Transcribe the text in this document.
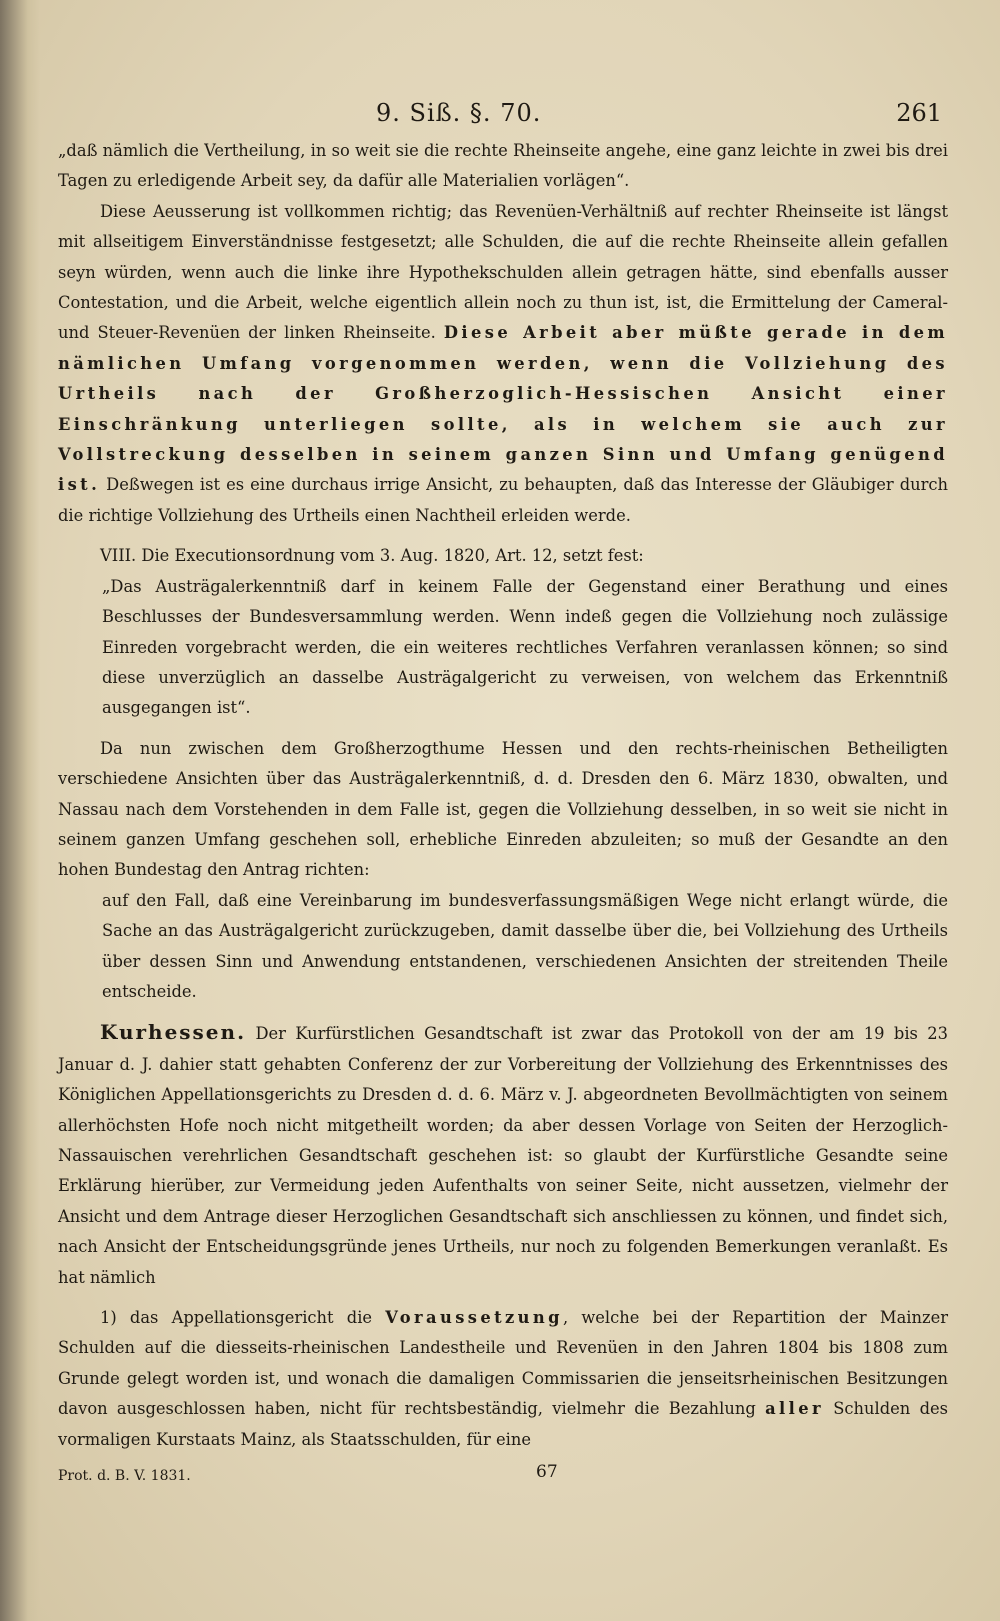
9. Siß. §. 70.	261

„daß nämlich die Vertheilung, in so weit sie die rechte Rheinseite angehe, eine ganz leichte in zwei bis drei Tagen zu erledigende Arbeit sey, da dafür alle Materialien vorlägen“.

Diese Aeusserung ist vollkommen richtig; das Revenüen-Verhältniß auf rechter Rheinseite ist längst mit allseitigem Einverständnisse festgesetzt; alle Schulden, die auf die rechte Rheinseite allein gefallen seyn würden, wenn auch die linke ihre Hypothekschulden allein getragen hätte, sind ebenfalls ausser Contestation, und die Arbeit, welche eigentlich allein noch zu thun ist, ist, die Ermittelung der Cameral- und Steuer-Revenüen der linken Rheinseite. Diese Arbeit aber müßte gerade in dem nämlichen Umfang vorgenommen werden, wenn die Vollziehung des Urtheils nach der Großherzoglich-Hessischen Ansicht einer Einschränkung unterliegen sollte, als in welchem sie auch zur Vollstreckung desselben in seinem ganzen Sinn und Umfang genügend ist. Deßwegen ist es eine durchaus irrige Ansicht, zu behaupten, daß das Interesse der Gläubiger durch die richtige Vollziehung des Urtheils einen Nachtheil erleiden werde.

VIII. Die Executionsordnung vom 3. Aug. 1820, Art. 12, setzt fest:

„Das Austrägalerkenntniß darf in keinem Falle der Gegenstand einer Berathung und eines Beschlusses der Bundesversammlung werden. Wenn indeß gegen die Vollziehung noch zulässige Einreden vorgebracht werden, die ein weiteres rechtliches Verfahren veranlassen können; so sind diese unverzüglich an dasselbe Austrägalgericht zu verweisen, von welchem das Erkenntniß ausgegangen ist“.

Da nun zwischen dem Großherzogthume Hessen und den rechts-rheinischen Betheiligten verschiedene Ansichten über das Austrägalerkenntniß, d. d. Dresden den 6. März 1830, obwalten, und Nassau nach dem Vorstehenden in dem Falle ist, gegen die Vollziehung desselben, in so weit sie nicht in seinem ganzen Umfang geschehen soll, erhebliche Einreden abzuleiten; so muß der Gesandte an den hohen Bundestag den Antrag richten:

auf den Fall, daß eine Vereinbarung im bundesverfassungsmäßigen Wege nicht erlangt würde, die Sache an das Austrägalgericht zurückzugeben, damit dasselbe über die, bei Vollziehung des Urtheils über dessen Sinn und Anwendung entstandenen, verschiedenen Ansichten der streitenden Theile entscheide.

Kurhessen. Der Kurfürstlichen Gesandtschaft ist zwar das Protokoll von der am 19 bis 23 Januar d. J. dahier statt gehabten Conferenz der zur Vorbereitung der Vollziehung des Erkenntnisses des Königlichen Appellationsgerichts zu Dresden d. d. 6. März v. J. abgeordneten Bevollmächtigten von seinem allerhöchsten Hofe noch nicht mitgetheilt worden; da aber dessen Vorlage von Seiten der Herzoglich-Nassauischen verehrlichen Gesandtschaft geschehen ist: so glaubt der Kurfürstliche Gesandte seine Erklärung hierüber, zur Vermeidung jeden Aufenthalts von seiner Seite, nicht aussetzen, vielmehr der Ansicht und dem Antrage dieser Herzoglichen Gesandtschaft sich anschliessen zu können, und findet sich, nach Ansicht der Entscheidungsgründe jenes Urtheils, nur noch zu folgenden Bemerkungen veranlaßt. Es hat nämlich

1) das Appellationsgericht die Voraussetzung, welche bei der Repartition der Mainzer Schulden auf die diesseits-rheinischen Landestheile und Revenüen in den Jahren 1804 bis 1808 zum Grunde gelegt worden ist, und wonach die damaligen Commissarien die jenseitsrheinischen Besitzungen davon ausgeschlossen haben, nicht für rechtsbeständig, vielmehr die Bezahlung aller Schulden des vormaligen Kurstaats Mainz, als Staatsschulden, für eine

Prot. d. B. V. 1831.	67
